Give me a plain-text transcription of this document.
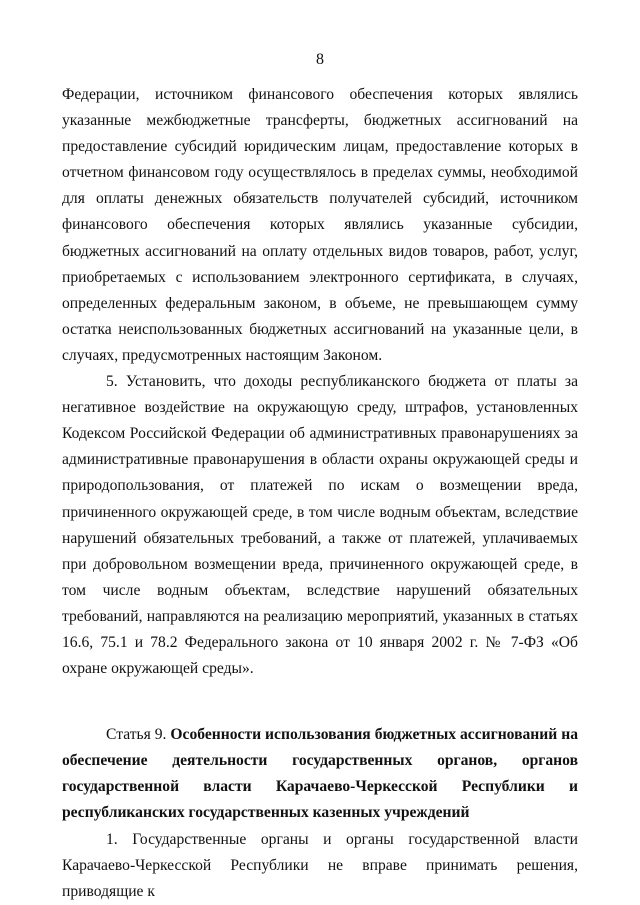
8

Федерации, источником финансового обеспечения которых являлись указанные межбюджетные трансферты, бюджетных ассигнований на предоставление субсидий юридическим лицам, предоставление которых в отчетном финансовом году осуществлялось в пределах суммы, необходимой для оплаты денежных обязательств получателей субсидий, источником финансового обеспечения которых являлись указанные субсидии, бюджетных ассигнований на оплату отдельных видов товаров, работ, услуг, приобретаемых с использованием электронного сертификата, в случаях, определенных федеральным законом, в объеме, не превышающем сумму остатка неиспользованных бюджетных ассигнований на указанные цели, в случаях, предусмотренных настоящим Законом.

5. Установить, что доходы республиканского бюджета от платы за негативное воздействие на окружающую среду, штрафов, установленных Кодексом Российской Федерации об административных правонарушениях за административные правонарушения в области охраны окружающей среды и природопользования, от платежей по искам о возмещении вреда, причиненного окружающей среде, в том числе водным объектам, вследствие нарушений обязательных требований, а также от платежей, уплачиваемых при добровольном возмещении вреда, причиненного окружающей среде, в том числе водным объектам, вследствие нарушений обязательных требований, направляются на реализацию мероприятий, указанных в статьях 16.6, 75.1 и 78.2 Федерального закона от 10 января 2002 г. № 7-ФЗ «Об охране окружающей среды».

Статья 9. Особенности использования бюджетных ассигнований на обеспечение деятельности государственных органов, органов государственной власти Карачаево-Черкесской Республики и республиканских государственных казенных учреждений

1. Государственные органы и органы государственной власти Карачаево-Черкесской Республики не вправе принимать решения, приводящие к
